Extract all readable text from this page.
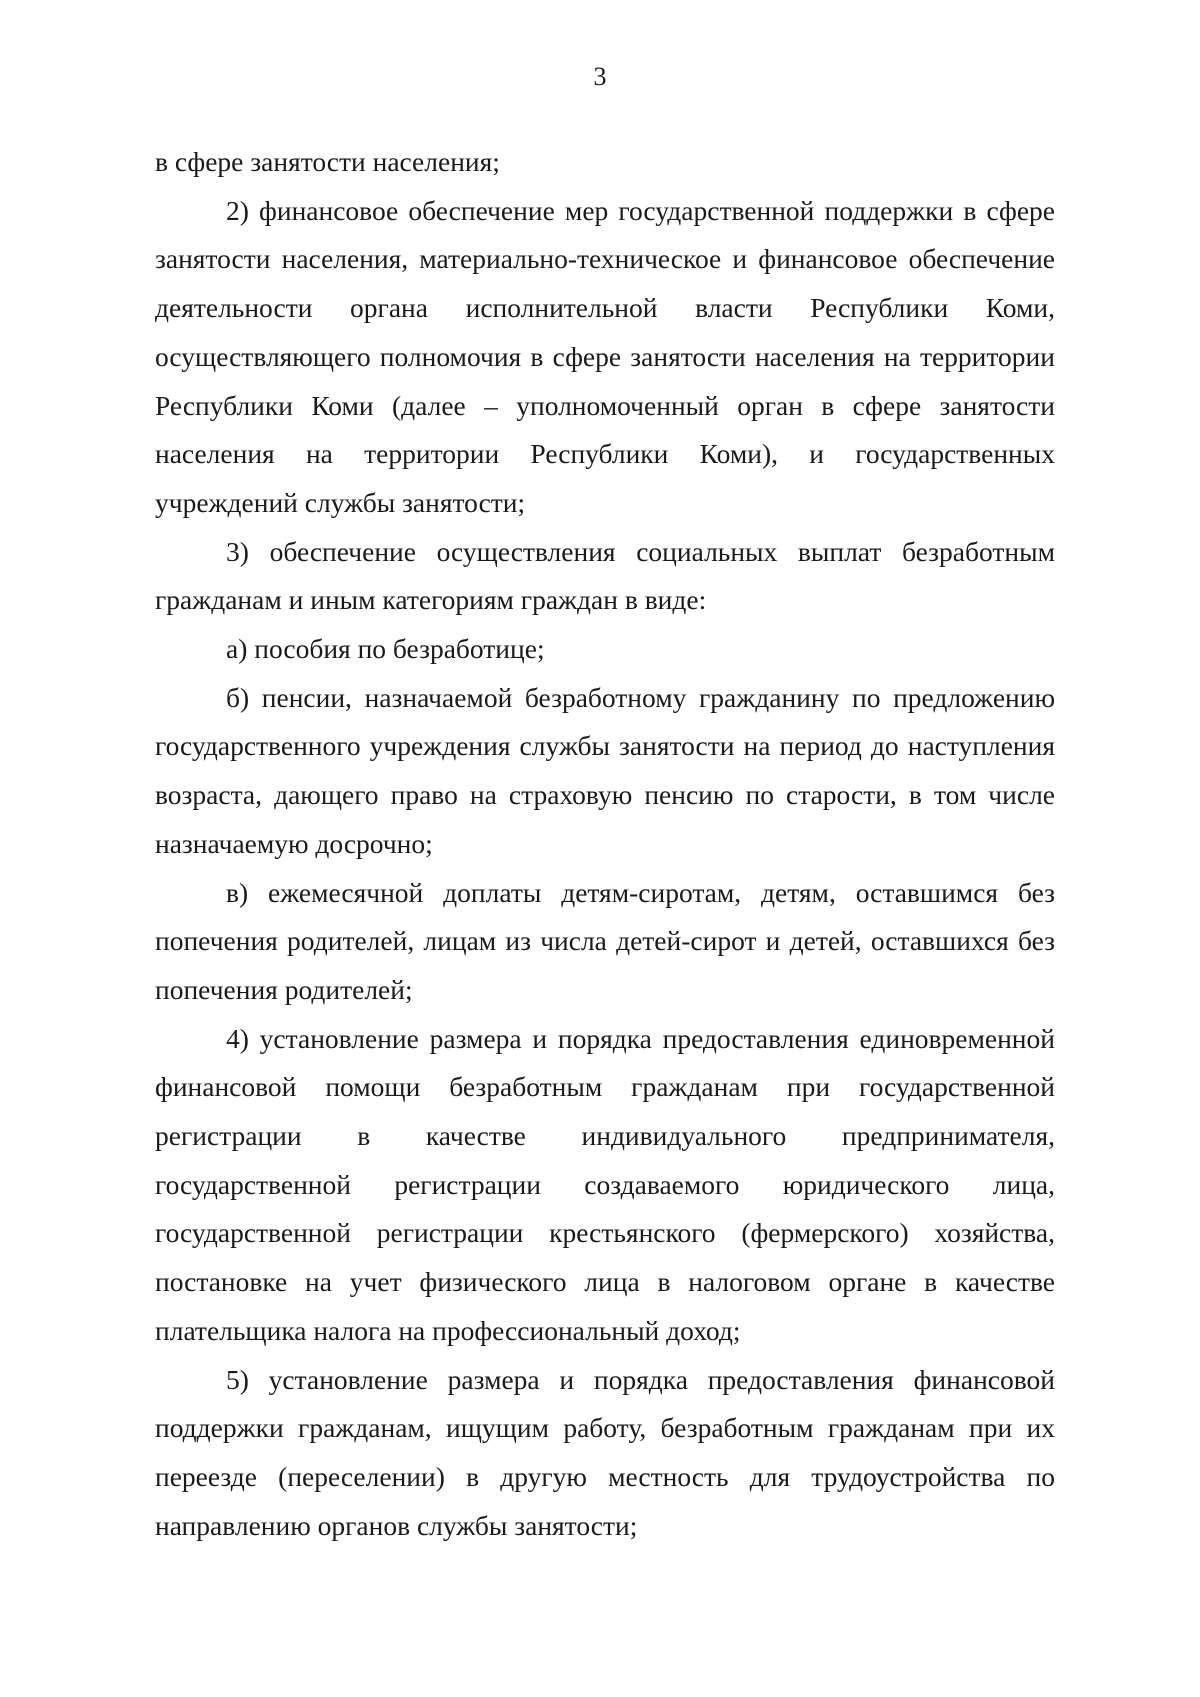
3

в сфере занятости населения;

2) финансовое обеспечение мер государственной поддержки в сфере занятости населения, материально-техническое и финансовое обеспечение деятельности органа исполнительной власти Республики Коми, осуществляющего полномочия в сфере занятости населения на территории Республики Коми (далее – уполномоченный орган в сфере занятости населения на территории Республики Коми), и государственных учреждений службы занятости;

3) обеспечение осуществления социальных выплат безработным гражданам и иным категориям граждан в виде:

а) пособия по безработице;

б) пенсии, назначаемой безработному гражданину по предложению государственного учреждения службы занятости на период до наступления возраста, дающего право на страховую пенсию по старости, в том числе назначаемую досрочно;

в) ежемесячной доплаты детям-сиротам, детям, оставшимся без попечения родителей, лицам из числа детей-сирот и детей, оставшихся без попечения родителей;

4) установление размера и порядка предоставления единовременной финансовой помощи безработным гражданам при государственной регистрации в качестве индивидуального предпринимателя, государственной регистрации создаваемого юридического лица, государственной регистрации крестьянского (фермерского) хозяйства, постановке на учет физического лица в налоговом органе в качестве плательщика налога на профессиональный доход;

5) установление размера и порядка предоставления финансовой поддержки гражданам, ищущим работу, безработным гражданам при их переезде (переселении) в другую местность для трудоустройства по направлению органов службы занятости;
